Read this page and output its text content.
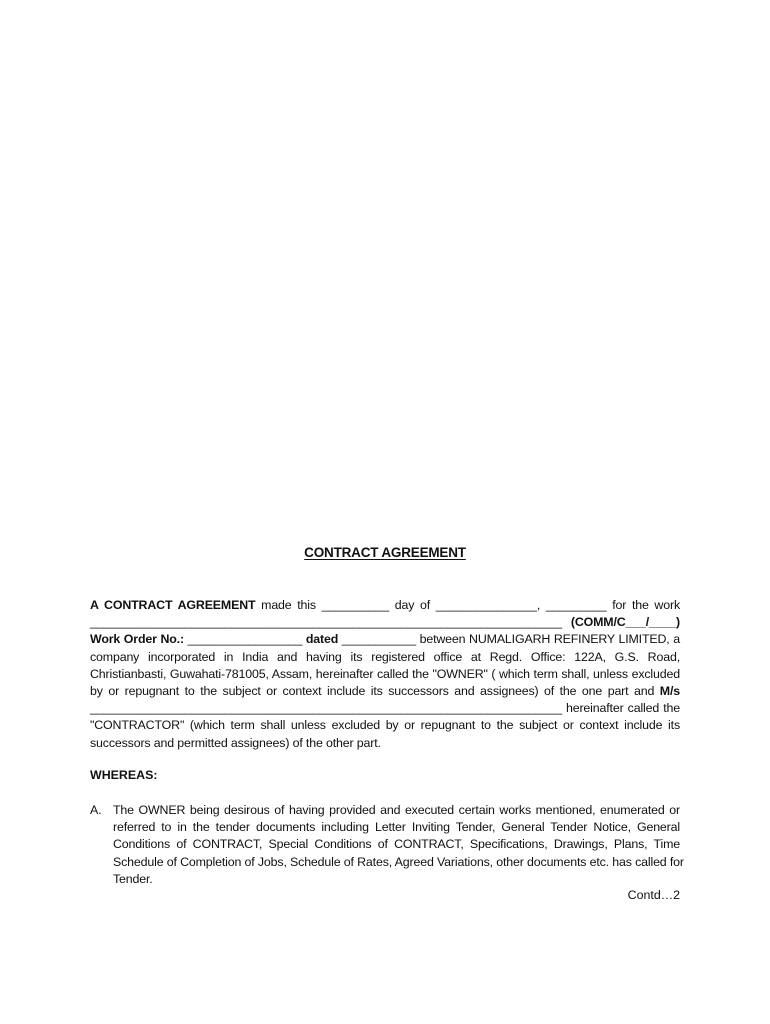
CONTRACT AGREEMENT
A CONTRACT AGREEMENT made this __________ day of _______________, _________ for the work
______________________________________________________________________ (COMM/C___/____)
Work Order No.: _________________ dated ___________ between NUMALIGARH REFINERY LIMITED, a
company incorporated in India and having its registered office at Regd. Office: 122A, G.S. Road,
Christianbasti, Guwahati-781005, Assam, hereinafter called the "OWNER" ( which term shall, unless excluded
by or repugnant to the subject or context include its successors and assignees) of the one part and M/s
______________________________________________________________________ hereinafter called the
"CONTRACTOR" (which term shall unless excluded by or repugnant to the subject or context include its
successors and permitted assignees) of the other part.
WHEREAS:
A. The OWNER being desirous of having provided and executed certain works mentioned, enumerated or
referred to in the tender documents including Letter Inviting Tender, General Tender Notice, General
Conditions of CONTRACT, Special Conditions of CONTRACT, Specifications, Drawings, Plans, Time
Schedule of Completion of Jobs, Schedule of Rates, Agreed Variations, other documents etc. has called for
Tender.
Contd…2
